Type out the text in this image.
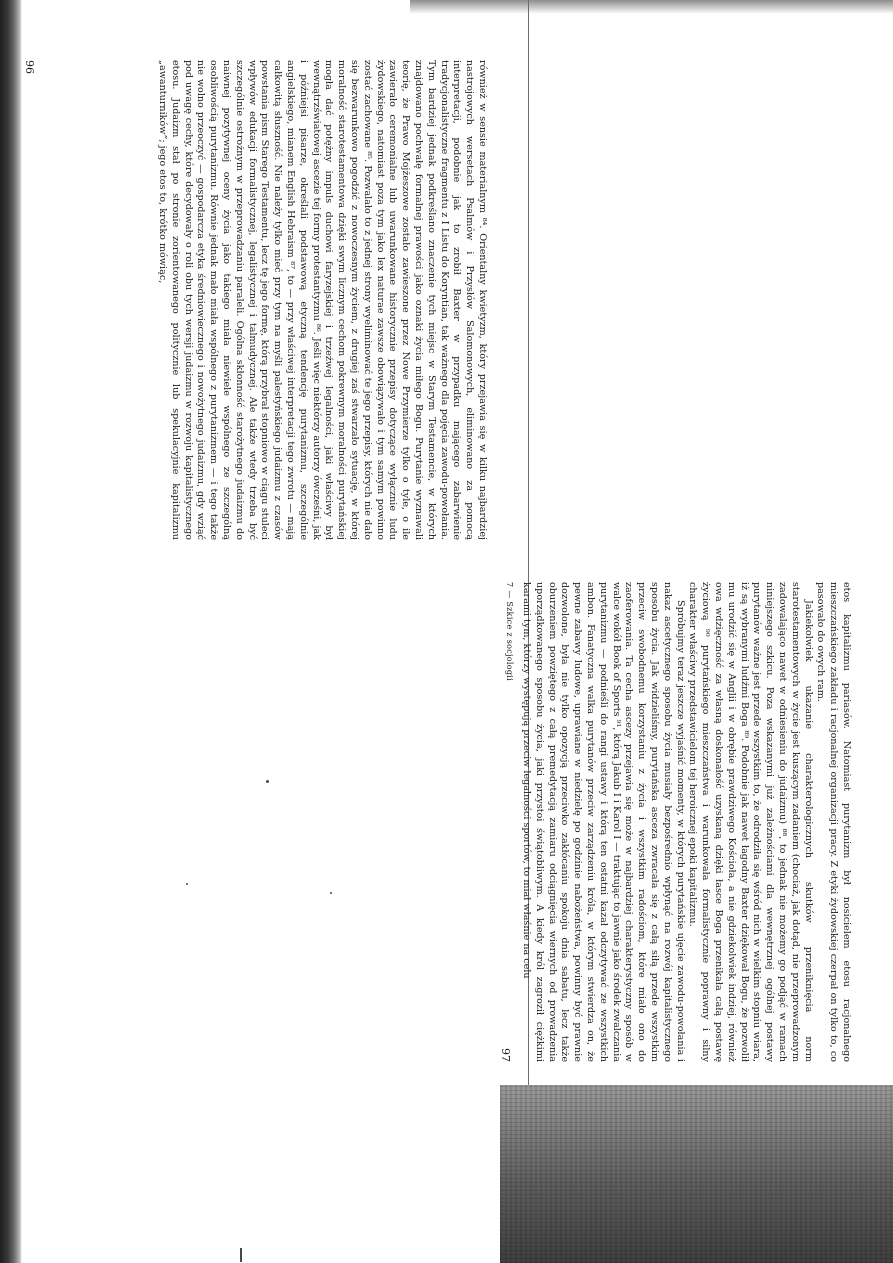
również w sensie materialnym ⁸⁴. Orientalny kwietyzm, który przejawia się w kilku najbardziej nastrojowych wersetach Psalmów i Przysłów Salomonowych, eliminowano za pomocą interpretacji, podobnie jak to zrobił Baxter w przypadku mającego zabarwienie tradycjonalistyczne fragmentu z I Listu do Koryntian, tak ważnego dla pojęcia zawodu-powołania. Tym bardziej jednak podkreślano znaczenie tych miejsc w Starym Testamencie, w których znajdowano pochwałę formalnej prawości jako oznaki życia miłego Bogu. Purytanie wyznawali teorię, że Prawo Mojżeszowe zostało zawieszone przez Nowe Przymierze tylko o tyle, o ile zawierało ceremonialne lub uwarunkowane historycznie przepisy dotyczące wyłącznie ludu żydowskiego, natomiast poza tym jako lex naturae zawsze obowiązywało i tym samym powinno zostać zachowane ⁸⁵. Pozwalało to z jednej strony wyeliminować te jego przepisy, których nie dało się bezwarunkowo pogodzić z nowoczesnym życiem, z drugiej zaś stwarzało sytuację, w której moralność starotestamentowa dzięki swym licznym cechom pokrewnym moralności purytańskiej mogła dać potężny impuls duchowi faryzejskiej i trzeźwej legalności, jaki właściwy był wewnątrzświatowej ascezie tej formy protestantyzmu ⁸⁶. Jeśli więc niektórzy autorzy ówcześni, jak i późniejsi pisarze, określali podstawową etyczną tendencję purytanizmu, szczególnie angielskiego, mianem English Hebraism ⁸⁷, to — przy właściwej interpretacji tego zwrotu — mają całkowitą słuszność. Nie należy tylko mieć przy tym na myśli palestyńskiego judaizmu z czasów powstania pism Starego Testamentu, lecz tę jego formę, którą przybrał stopniowo w ciągu stuleci wpływów edukacji formalistycznej, legalistycznej i talmudycznej. Ale także wtedy trzeba być szczególnie ostrożnym w przeprowadzaniu paraleli. Ogólna skłonność starożytnego judaizmu do naiwnej pozytywnej oceny życia jako takiego miała niewiele wspólnego ze szczególną osobliwością purytanizmu. Równie jednak mało miała wspólnego z purytanizmem — i tego także nie wolno przeoczyć — gospodarcza etyka średniowiecznego i nowożytnego judaizmu, gdy wziąć pod uwagę cechy, które decydowały o roli obu tych wersji judaizmu w rozwoju kapitalistycznego etosu. Judaizm stał po stronie zorientowanego politycznie lub spekulacyjnie kapitalizmu „awanturników”; jego etos to, krótko mówiąc,

96

etos kapitalizmu pariasów. Natomiast purytanizm był nosicielem etosu racjonalnego mieszczańskiego zakładu i racjonalnej organizacji pracy. Z etyki żydowskiej czerpał on tylko to, co pasowało do owych ram.

Jakiekolwiek ukazanie charakterologicznych skutków przeniknięcia norm starotestamentowych w życie jest kuszącym zadaniem (chociaż, jak dotąd, nie przeprowadzonym zadowalająco nawet w odniesieniu do judaizmu) ⁸⁸, to jednak nie możemy go podjąć w ramach niniejszego szkicu. Poza wskazanymi już zależnościami dla wewnętrznej ogólnej postawy purytanów ważne jest przede wszystkim to, że odrodziła się wśród nich w wielkim stopniu wiara, iż są wybranymi ludźmi Boga ⁸⁹. Podobnie jak nawet łagodny Baxter dziękował Bogu, że pozwolił mu urodzić się w Anglii i w obrębie prawdziwego Kościoła, a nie gdziekolwiek indziej, również owa wdzięczność za własną doskonałość uzyskaną dzięki łasce Boga przenikała całą postawę życiową ⁹⁰ purytańskiego mieszczaństwa i warunkowała formalistycznie poprawny i silny charakter właściwy przedstawicielom tej heroicznej epoki kapitalizmu.

Spróbujmy teraz jeszcze wyjaśnić momenty, w których purytańskie ujęcie zawodu-powołania i nakaz ascetycznego sposobu życia musiały bezpośrednio wpłynąć na rozwój kapitalistycznego sposobu życia. Jak widzieliśmy, purytańska asceza zwracała się z całą siłą przede wszystkim przeciw swobodnemu korzystaniu z życia i wszystkim radościom, które miało ono do zaoferowania. Ta cecha ascezy przejawia się może w najbardziej charakterystyczny sposób w walce wokół Book of Sports ⁹¹, którą Jakub I i Karol I — traktując to jawnie jako środek zwalczania purytanizmu — podnieśli do rangi ustawy i którą ten ostatni kazał odczytywać ze wszystkich ambon. Fanatyczna walka purytanów przeciw zarządzeniu króla, w którym stwierdza on, że pewne zabawy ludowe, uprawiane w niedzielę po godzinie nabożeństwa, powinny być prawnie dozwolone, była nie tylko opozycją przeciwko zakłócaniu spokoju dnia sabatu, lecz także oburzeniem powziętego z całą premedytacją zamiaru odciągnięcia wiernych od prowadzenia uporządkowanego sposobu życia, jaki przystoi świątobliwym. A kiedy król zagroził ciężkimi karami tym, którzy występują przeciw legalności sportów, to miał właśnie na celu

7 — Szkice z socjologii
97
